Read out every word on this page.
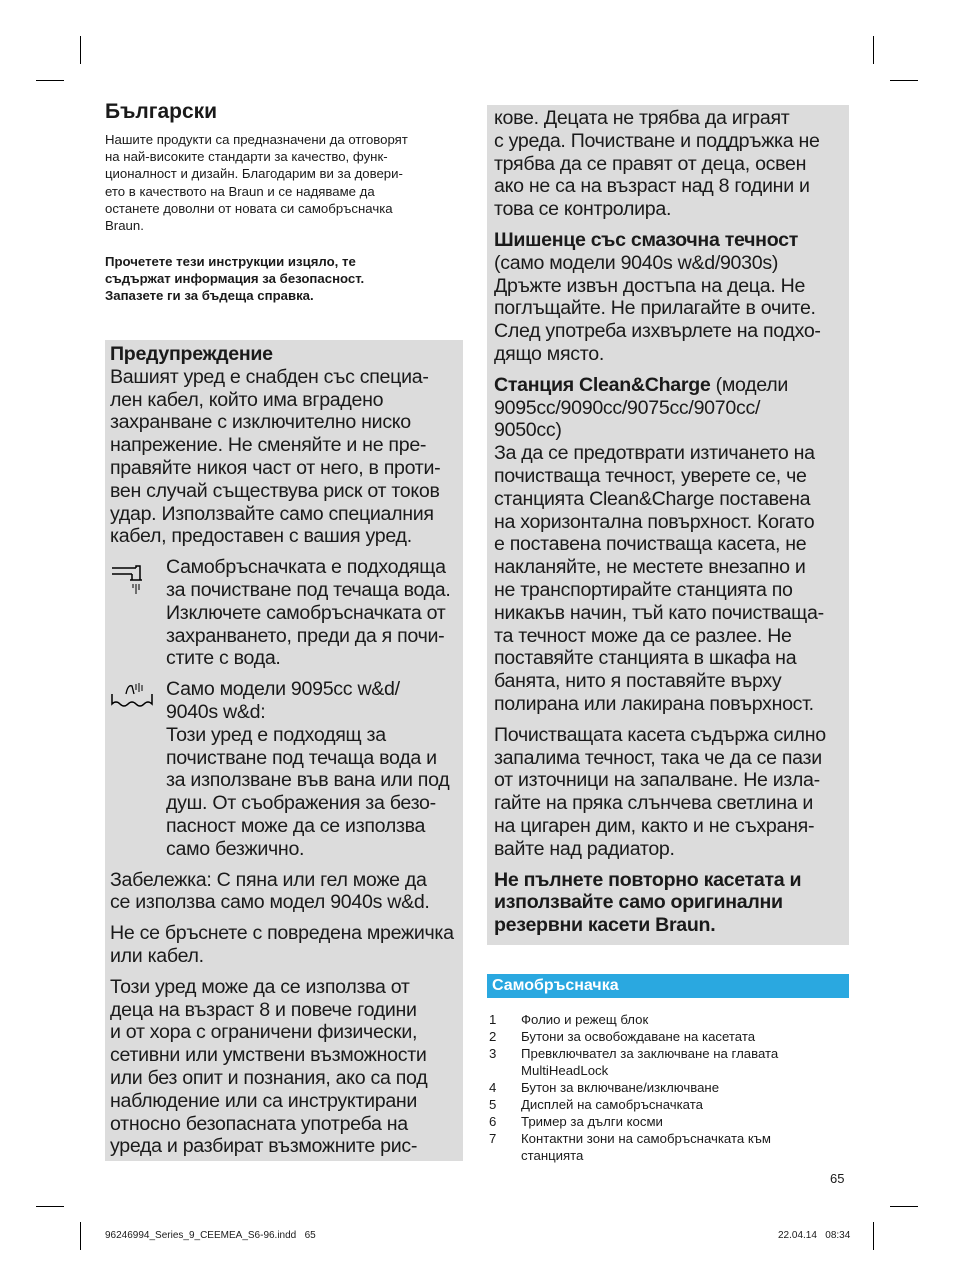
Български
Нашите продукти са предназначени да отговорят
на най-високите стандарти за качество, функ-
ционалност и дизайн. Благодарим ви за довери-
ето в качеството на Braun и се надяваме да
останете доволни от новата си самобръсначка
Braun.
Прочетете тези инструкции изцяло, те
съдържат информация за безопасност.
Запазете ги за бъдеща справка.

Предупреждение

Вашият уред е снабден със специа-
лен кабел, който има вградено
захранване с изключително ниско
напрежение. Не сменяйте и не пре-
правяйте никоя част от него, в проти-
вен случай съществува риск от токов
удар. Използвайте само специалния
кабел, предоставен с вашия уред.

Самобръсначката е подходяща
за почистване под течаща вода.
Изключете самобръсначката от
захранването, преди да я почи-
стите с вода.
Само модели 9095cc w&d/
9040s w&d:
Този уред е подходящ за
почистване под течаща вода и
за използване във вана или под
душ. От съображения за безо-
пасност може да се използва
само безжично.

Забележка: С пяна или гел може да
се използва само модел 9040s w&d.

Не се бръснете с повредена мрежичка
или кабел.

Този уред може да се използва от
деца на възраст 8 и повече години
и от хора с ограничени физически,
сетивни или умствени възможности
или без опит и познания, ако са под
наблюдение или са инструктирани
относно безопасната употреба на
уреда и разбират възможните рис-

кове. Децата не трябва да играят
с уреда. Почистване и поддръжка не
трябва да се правят от деца, освен
ако не са на възраст над 8 години и
това се контролира.

Шишенце със смазочна течност
(само модели 9040s w&d/9030s)
Дръжте извън достъпа на деца. Не
поглъщайте. Не прилагайте в очите.
След употреба изхвърлете на подхо-
дящо място.

Станция Clean&Charge (модели
9095cc/9090cc/9075cc/9070cc/
9050cc)
За да се предотврати изтичането на
почистваща течност, уверете се, че
станцията Clean&Charge поставена
на хоризонтална повърхност. Когато
е поставена почистваща касета, не
накланяйте, не местете внезапно и
не транспортирайте станцията по
никакъв начин, тъй като почистваща-
та течност може да се разлее. Не
поставяйте станцията в шкафа на
банята, нито я поставяйте върху
полирана или лакирана повърхност.

Почистващата касета съдържа силно
запалима течност, така че да се пази
от източници на запалване. Не изла-
гайте на пряка слънчева светлина и
на цигарен дим, както и не съхраня-
вайте над радиатор.

Не пълнете повторно касетата и
използвайте само оригинални
резервни касети Braun.

Самобръсначка
1	Фолио и режещ блок
2	Бутони за освобождаване на касетата
3	Превключвател за заключване на главата
MultiHeadLock
4	Бутон за включване/изключване
5	Дисплей на самобръсначката
6	Тример за дълги косми
7	Контактни зони на самобръсначката към
станцията
65
96246994_Series_9_CEEMEA_S6-96.indd   65	22.04.14   08:34
